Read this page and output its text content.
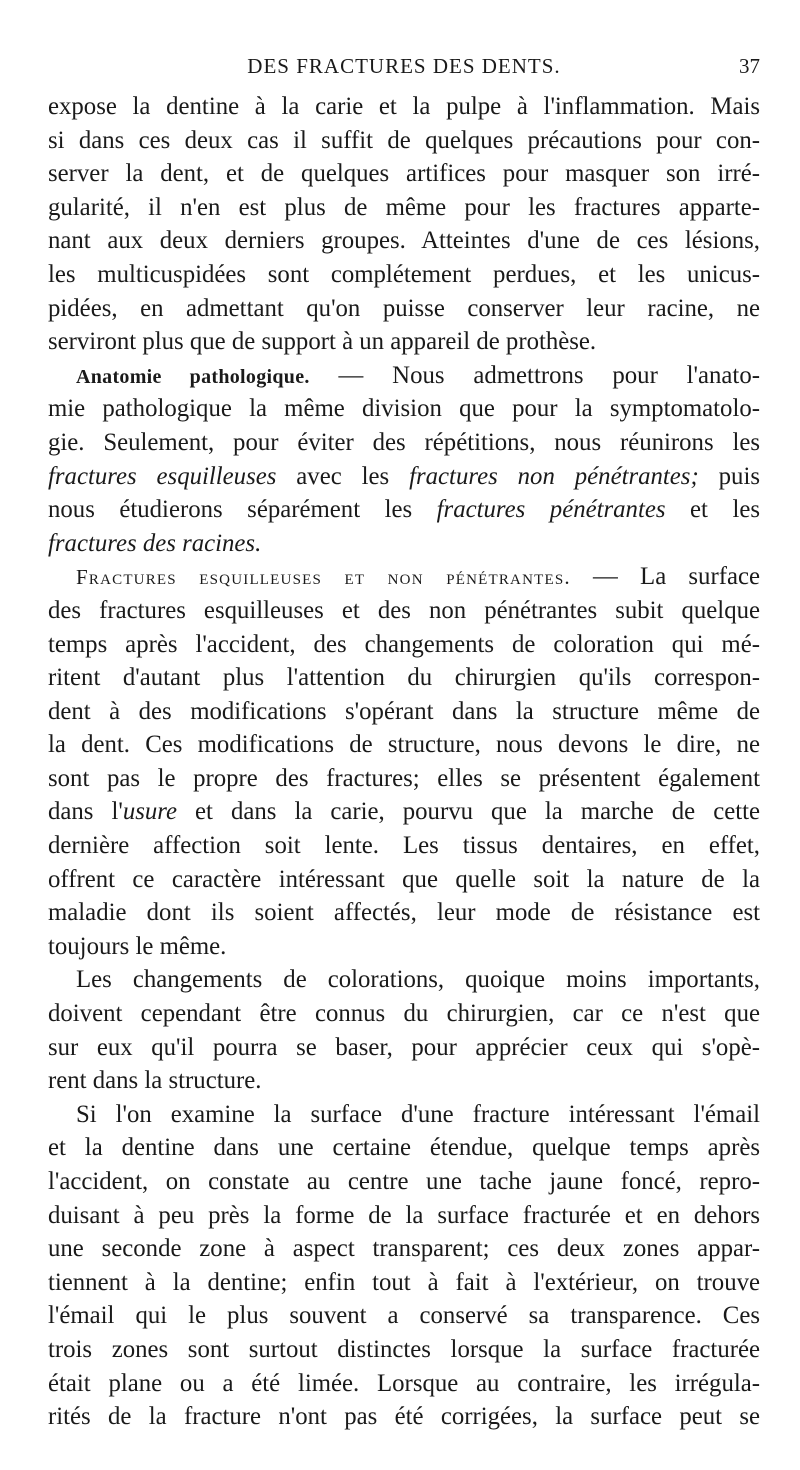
DES FRACTURES DES DENTS.	37
expose la dentine à la carie et la pulpe à l'inflammation. Mais
si dans ces deux cas il suffit de quelques précautions pour con-
server la dent, et de quelques artifices pour masquer son irré-
gularité, il n'en est plus de même pour les fractures apparte-
nant aux deux derniers groupes. Atteintes d'une de ces lésions,
les multicuspidées sont complétement perdues, et les unicus-
pidées, en admettant qu'on puisse conserver leur racine, ne
serviront plus que de support à un appareil de prothèse.
Anatomie pathologique. — Nous admettrons pour l'anato-
mie pathologique la même division que pour la symptomatolo-
gie. Seulement, pour éviter des répétitions, nous réunirons les
fractures esquilleuses avec les fractures non pénétrantes; puis
nous étudierons séparément les fractures pénétrantes et les
fractures des racines.
Fractures esquilleuses et non pénétrantes. — La surface
des fractures esquilleuses et des non pénétrantes subit quelque
temps après l'accident, des changements de coloration qui mé-
ritent d'autant plus l'attention du chirurgien qu'ils correspon-
dent à des modifications s'opérant dans la structure même de
la dent. Ces modifications de structure, nous devons le dire, ne
sont pas le propre des fractures; elles se présentent également
dans l'usure et dans la carie, pourvu que la marche de cette
dernière affection soit lente. Les tissus dentaires, en effet,
offrent ce caractère intéressant que quelle soit la nature de la
maladie dont ils soient affectés, leur mode de résistance est
toujours le même.
Les changements de colorations, quoique moins importants,
doivent cependant être connus du chirurgien, car ce n'est que
sur eux qu'il pourra se baser, pour apprécier ceux qui s'opè-
rent dans la structure.
Si l'on examine la surface d'une fracture intéressant l'émail
et la dentine dans une certaine étendue, quelque temps après
l'accident, on constate au centre une tache jaune foncé, repro-
duisant à peu près la forme de la surface fracturée et en dehors
une seconde zone à aspect transparent; ces deux zones appar-
tiennent à la dentine; enfin tout à fait à l'extérieur, on trouve
l'émail qui le plus souvent a conservé sa transparence. Ces
trois zones sont surtout distinctes lorsque la surface fracturée
était plane ou a été limée. Lorsque au contraire, les irrégula-
rités de la fracture n'ont pas été corrigées, la surface peut se
